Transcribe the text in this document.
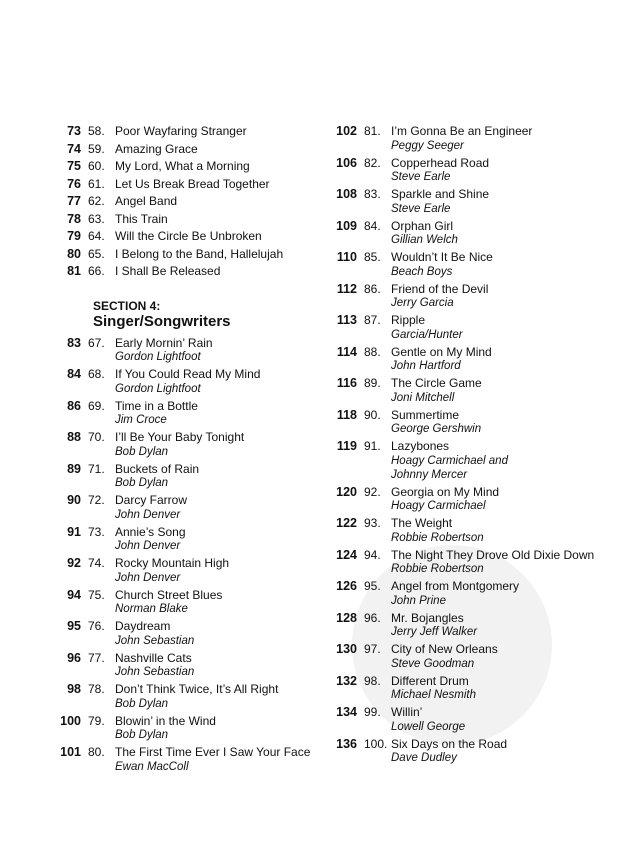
73 58. Poor Wayfaring Stranger
74 59. Amazing Grace
75 60. My Lord, What a Morning
76 61. Let Us Break Bread Together
77 62. Angel Band
78 63. This Train
79 64. Will the Circle Be Unbroken
80 65. I Belong to the Band, Hallelujah
81 66. I Shall Be Released
SECTION 4:
Singer/Songwriters
83 67. Early Mornin’ Rain
Gordon Lightfoot
84 68. If You Could Read My Mind
Gordon Lightfoot
86 69. Time in a Bottle
Jim Croce
88 70. I’ll Be Your Baby Tonight
Bob Dylan
89 71. Buckets of Rain
Bob Dylan
90 72. Darcy Farrow
John Denver
91 73. Annie’s Song
John Denver
92 74. Rocky Mountain High
John Denver
94 75. Church Street Blues
Norman Blake
95 76. Daydream
John Sebastian
96 77. Nashville Cats
John Sebastian
98 78. Don’t Think Twice, It’s All Right
Bob Dylan
100 79. Blowin’ in the Wind
Bob Dylan
101 80. The First Time Ever I Saw Your Face
Ewan MacColl
102 81. I’m Gonna Be an Engineer
Peggy Seeger
106 82. Copperhead Road
Steve Earle
108 83. Sparkle and Shine
Steve Earle
109 84. Orphan Girl
Gillian Welch
110 85. Wouldn’t It Be Nice
Beach Boys
112 86. Friend of the Devil
Jerry Garcia
113 87. Ripple
Garcia/Hunter
114 88. Gentle on My Mind
John Hartford
116 89. The Circle Game
Joni Mitchell
118 90. Summertime
George Gershwin
119 91. Lazybones
Hoagy Carmichael and
Johnny Mercer
120 92. Georgia on My Mind
Hoagy Carmichael
122 93. The Weight
Robbie Robertson
124 94. The Night They Drove Old Dixie Down
Robbie Robertson
126 95. Angel from Montgomery
John Prine
128 96. Mr. Bojangles
Jerry Jeff Walker
130 97. City of New Orleans
Steve Goodman
132 98. Different Drum
Michael Nesmith
134 99. Willin’
Lowell George
136 100. Six Days on the Road
Dave Dudley
